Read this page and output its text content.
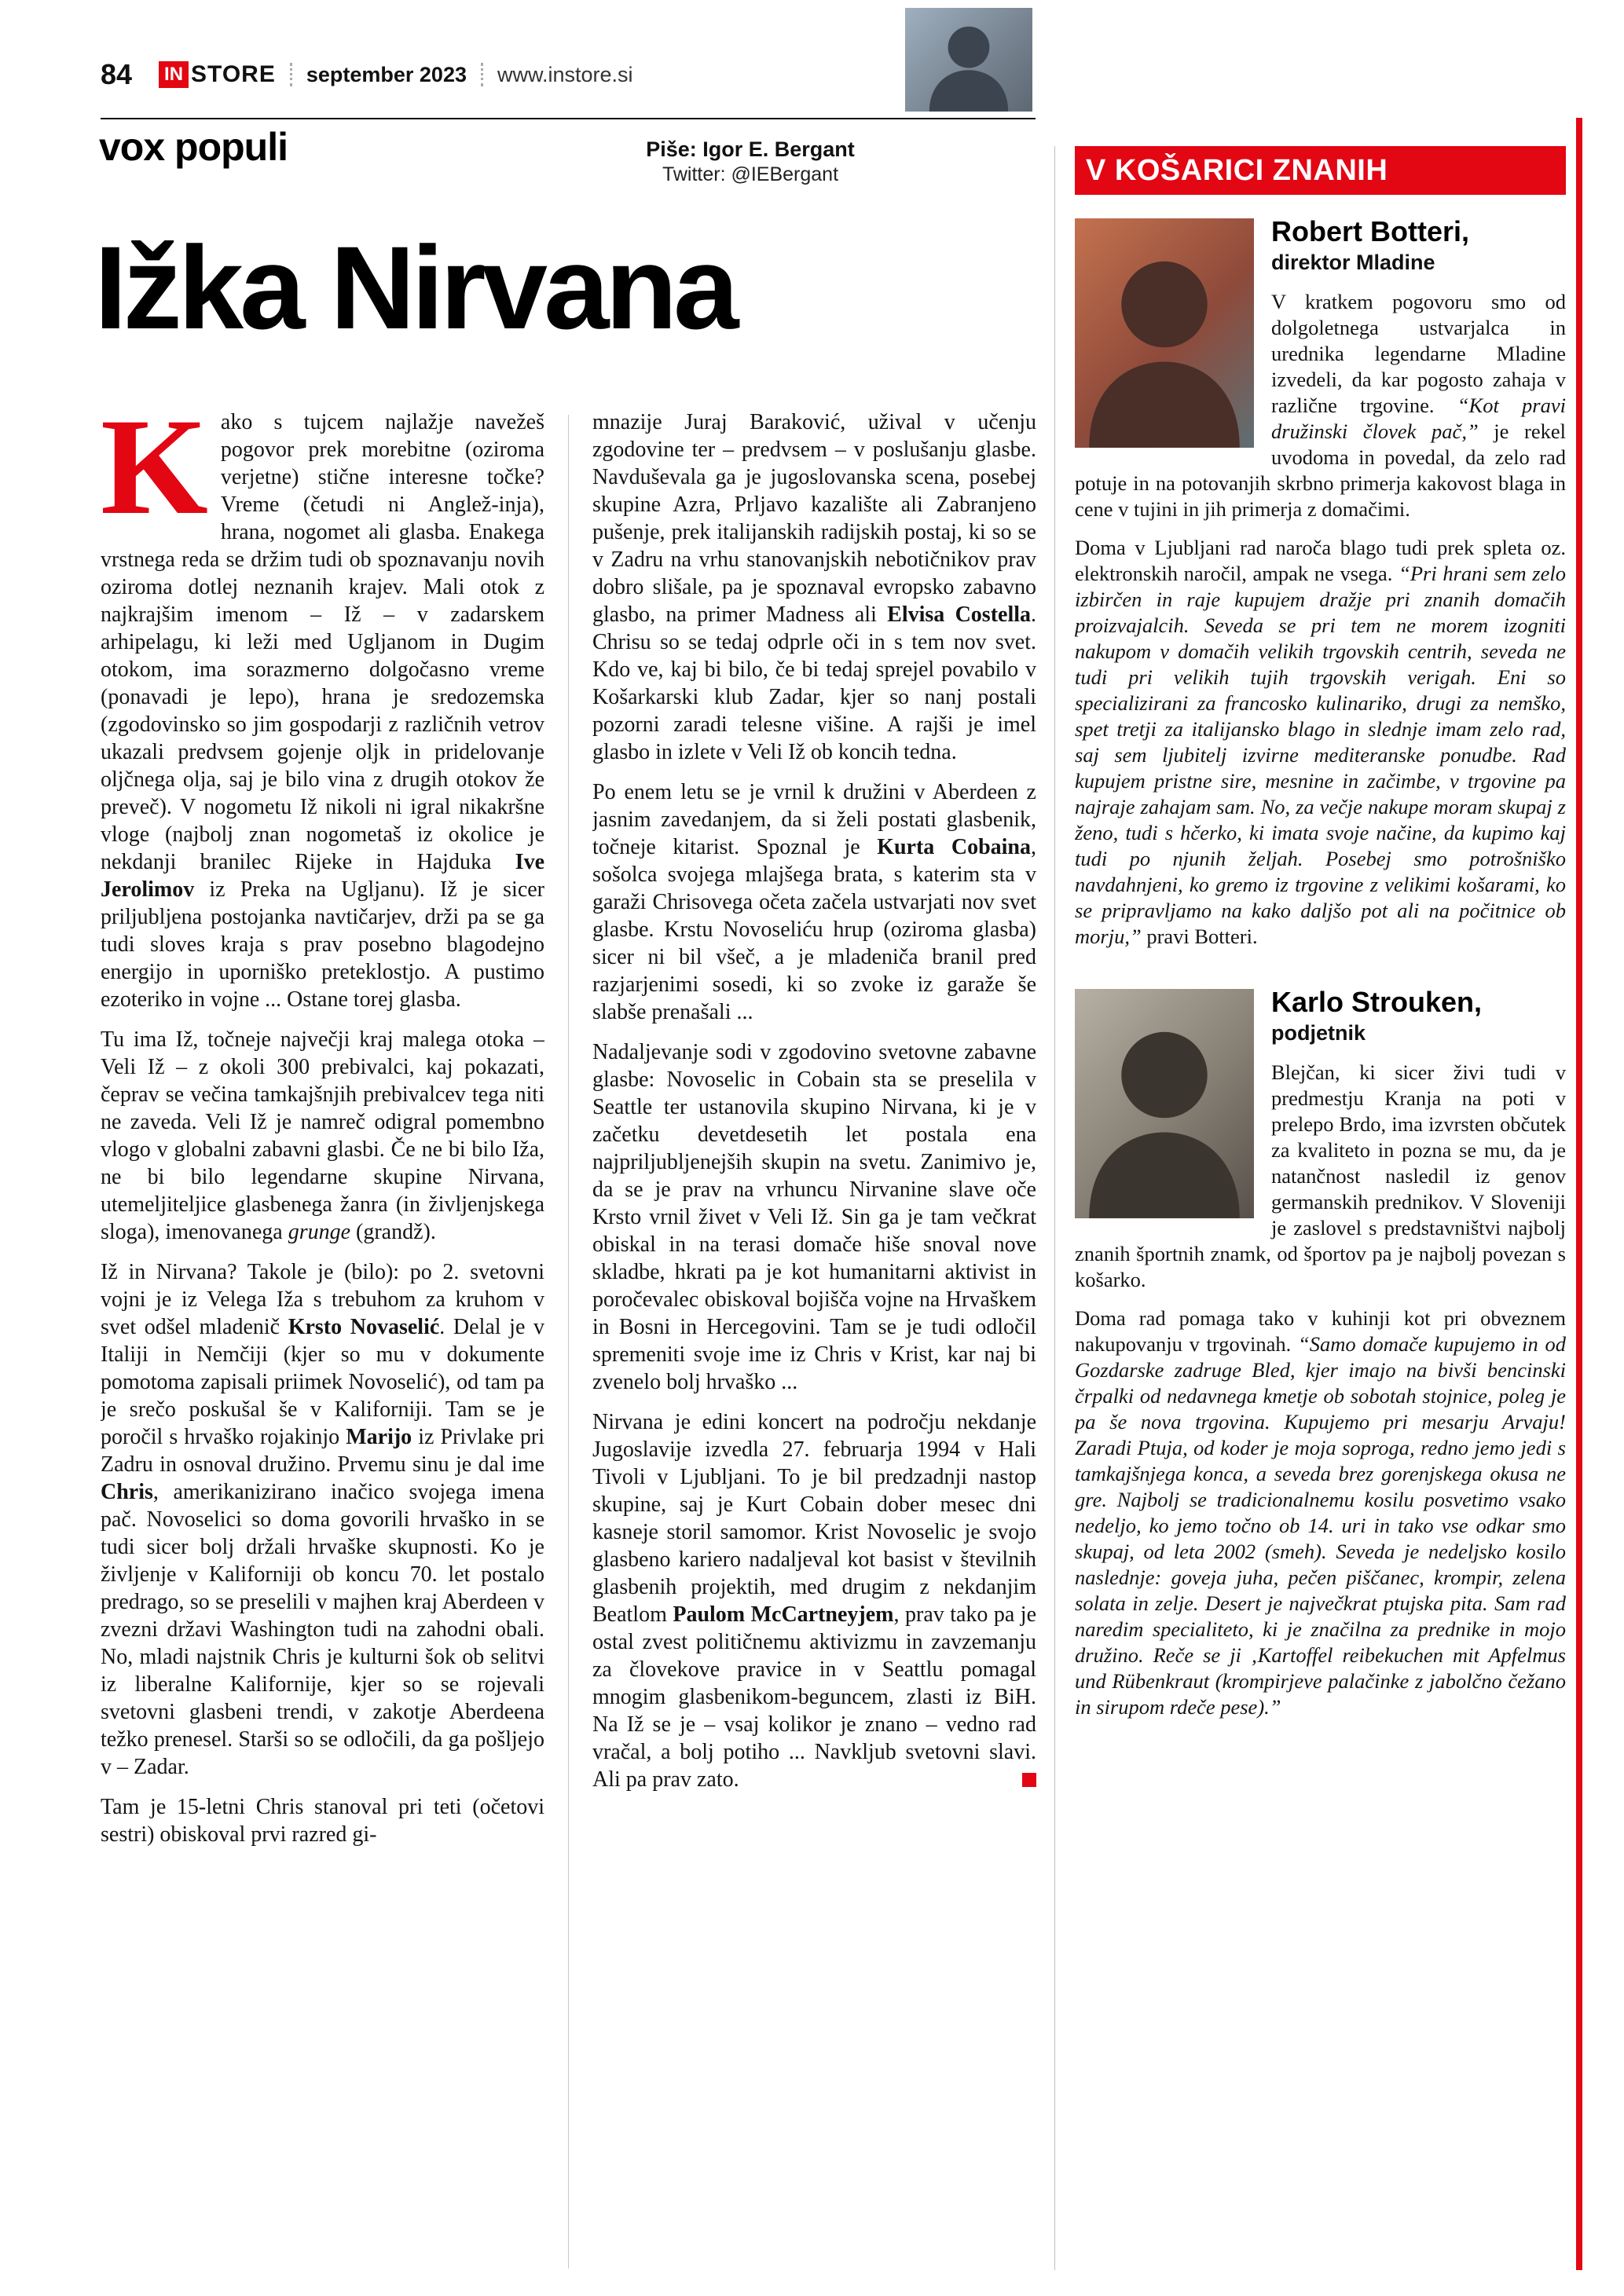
84 IN STORE september 2023 www.instore.si
vox populi	Piše: Igor E. Bergant
Twitter: @IEBergant	V KOŠARICI ZNANIH
Ižka Nirvana

Kako s tujcem najlažje navežeš pogovor prek morebitne (oziroma verjetne) stične interesne točke? Vreme (četudi ni Anglež-inja), hrana, nogomet ali glasba. Enakega vrstnega reda se držim tudi ob spoznavanju novih oziroma dotlej neznanih krajev. Mali otok z najkrajšim imenom – Iž – v zadarskem arhipelagu, ki leži med Ugljanom in Dugim otokom, ima sorazmerno dolgočasno vreme (ponavadi je lepo), hrana je sredozemska (zgodovinsko so jim gospodarji z različnih vetrov ukazali predvsem gojenje oljk in pridelovanje oljčnega olja, saj je bilo vina z drugih otokov že preveč). V nogometu Iž nikoli ni igral nikakršne vloge (najbolj znan nogometaš iz okolice je nekdanji branilec Rijeke in Hajduka Ive Jerolimov iz Preka na Ugljanu). Iž je sicer priljubljena postojanka navtičarjev, drži pa se ga tudi sloves kraja s prav posebno blagodejno energijo in uporniško preteklostjo. A pustimo ezoteriko in vojne ... Ostane torej glasba.

Tu ima Iž, točneje največji kraj malega otoka – Veli Iž – z okoli 300 prebivalci, kaj pokazati, čeprav se večina tamkajšnjih prebivalcev tega niti ne zaveda. Veli Iž je namreč odigral pomembno vlogo v globalni zabavni glasbi. Če ne bi bilo Iža, ne bi bilo legendarne skupine Nirvana, utemeljiteljice glasbenega žanra (in življenjskega sloga), imenovanega grunge (grandž).

Iž in Nirvana? Takole je (bilo): po 2. svetovni vojni je iz Velega Iža s trebuhom za kruhom v svet odšel mladenič Krsto Novaselić. Delal je v Italiji in Nemčiji (kjer so mu v dokumente pomotoma zapisali priimek Novoselić), od tam pa je srečo poskušal še v Kaliforniji. Tam se je poročil s hrvaško rojakinjo Marijo iz Privlake pri Zadru in osnoval družino. Prvemu sinu je dal ime Chris, amerikanizirano inačico svojega imena pač. Novoselici so doma govorili hrvaško in se tudi sicer bolj držali hrvaške skupnosti. Ko je življenje v Kaliforniji ob koncu 70. let postalo predrago, so se preselili v majhen kraj Aberdeen v zvezni državi Washington tudi na zahodni obali. No, mladi najstnik Chris je kulturni šok ob selitvi iz liberalne Kalifornije, kjer so se rojevali svetovni glasbeni trendi, v zakotje Aberdeena težko prenesel. Starši so se odločili, da ga pošljejo v – Zadar.

Tam je 15-letni Chris stanoval pri teti (očetovi sestri) obiskoval prvi razred gi-

mnazije Juraj Baraković, užival v učenju zgodovine ter – predvsem – v poslušanju glasbe. Navduševala ga je jugoslovanska scena, posebej skupine Azra, Prljavo kazalište ali Zabranjeno pušenje, prek italijanskih radijskih postaj, ki so se v Zadru na vrhu stanovanjskih nebotičnikov prav dobro slišale, pa je spoznaval evropsko zabavno glasbo, na primer Madness ali Elvisa Costella. Chrisu so se tedaj odprle oči in s tem nov svet. Kdo ve, kaj bi bilo, če bi tedaj sprejel povabilo v Košarkarski klub Zadar, kjer so nanj postali pozorni zaradi telesne višine. A rajši je imel glasbo in izlete v Veli Iž ob koncih tedna.

Po enem letu se je vrnil k družini v Aberdeen z jasnim zavedanjem, da si želi postati glasbenik, točneje kitarist. Spoznal je Kurta Cobaina, sošolca svojega mlajšega brata, s katerim sta v garaži Chrisovega očeta začela ustvarjati nov svet glasbe. Krstu Novoseliću hrup (oziroma glasba) sicer ni bil všeč, a je mladeniča branil pred razjarjenimi sosedi, ki so zvoke iz garaže še slabše prenašali ...

Nadaljevanje sodi v zgodovino svetovne zabavne glasbe: Novoselic in Cobain sta se preselila v Seattle ter ustanovila skupino Nirvana, ki je v začetku devetdesetih let postala ena najpriljubljenejših skupin na svetu. Zanimivo je, da se je prav na vrhuncu Nirvanine slave oče Krsto vrnil živet v Veli Iž. Sin ga je tam večkrat obiskal in na terasi domače hiše snoval nove skladbe, hkrati pa je kot humanitarni aktivist in poročevalec obiskoval bojišča vojne na Hrvaškem in Bosni in Hercegovini. Tam se je tudi odločil spremeniti svoje ime iz Chris v Krist, kar naj bi zvenelo bolj hrvaško ...

Nirvana je edini koncert na področju nekdanje Jugoslavije izvedla 27. februarja 1994 v Hali Tivoli v Ljubljani. To je bil predzadnji nastop skupine, saj je Kurt Cobain dober mesec dni kasneje storil samomor. Krist Novoselic je svojo glasbeno kariero nadaljeval kot basist v številnih glasbenih projektih, med drugim z nekdanjim Beatlom Paulom McCartneyjem, prav tako pa je ostal zvest političnemu aktivizmu in zavzemanju za človekove pravice in v Seattlu pomagal mnogim glasbenikom-beguncem, zlasti iz BiH. Na Iž se je – vsaj kolikor je znano – vedno rad vračal, a bolj potiho ... Navkljub svetovni slavi. Ali pa prav zato.

Robert Botteri,
direktor Mladine

V kratkem pogovoru smo od dolgoletnega ustvarjalca in urednika legendarne Mladine izvedeli, da kar pogosto zahaja v različne trgovine. “Kot pravi družinski človek pač,” je rekel uvodoma in povedal, da zelo rad potuje in na potovanjih skrbno primerja kakovost blaga in cene v tujini in jih primerja z domačimi.

Doma v Ljubljani rad naroča blago tudi prek spleta oz. elektronskih naročil, ampak ne vsega. “Pri hrani sem zelo izbirčen in raje kupujem dražje pri znanih domačih proizvajalcih. Seveda se pri tem ne morem izogniti nakupom v domačih velikih trgovskih centrih, seveda ne tudi pri velikih tujih trgovskih verigah. Eni so specializirani za francosko kulinariko, drugi za nemško, spet tretji za italijansko blago in slednje imam zelo rad, saj sem ljubitelj izvirne mediteranske ponudbe. Rad kupujem pristne sire, mesnine in začimbe, v trgovine pa najraje zahajam sam. No, za večje nakupe moram skupaj z ženo, tudi s hčerko, ki imata svoje načine, da kupimo kaj tudi po njunih željah. Posebej smo potrošniško navdahnjeni, ko gremo iz trgovine z velikimi košarami, ko se pripravljamo na kako daljšo pot ali na počitnice ob morju,” pravi Botteri.

Karlo Strouken,
podjetnik

Blejčan, ki sicer živi tudi v predmestju Kranja na poti v prelepo Brdo, ima izvrsten občutek za kvaliteto in pozna se mu, da je natančnost nasledil iz genov germanskih prednikov. V Sloveniji je zaslovel s predstavništvi najbolj znanih športnih znamk, od športov pa je najbolj povezan s košarko.

Doma rad pomaga tako v kuhinji kot pri obveznem nakupovanju v trgovinah. “Samo domače kupujemo in od Gozdarske zadruge Bled, kjer imajo na bivši bencinski črpalki od nedavnega kmetje ob sobotah stojnice, poleg je pa še nova trgovina. Kupujemo pri mesarju Arvaju! Zaradi Ptuja, od koder je moja soproga, redno jemo jedi s tamkajšnjega konca, a seveda brez gorenjskega okusa ne gre. Najbolj se tradicionalnemu kosilu posvetimo vsako nedeljo, ko jemo točno ob 14. uri in tako vse odkar smo skupaj, od leta 2002 (smeh). Seveda je nedeljsko kosilo naslednje: goveja juha, pečen piščanec, krompir, zelena solata in zelje. Desert je največkrat ptujska pita. Sam rad naredim specialiteto, ki je značilna za prednike in mojo družino. Reče se ji ‚Kartoffel reibekuchen mit Apfelmus und Rübenkraut (krompirjeve palačinke z jabolčno čežano in sirupom rdeče pese).”
